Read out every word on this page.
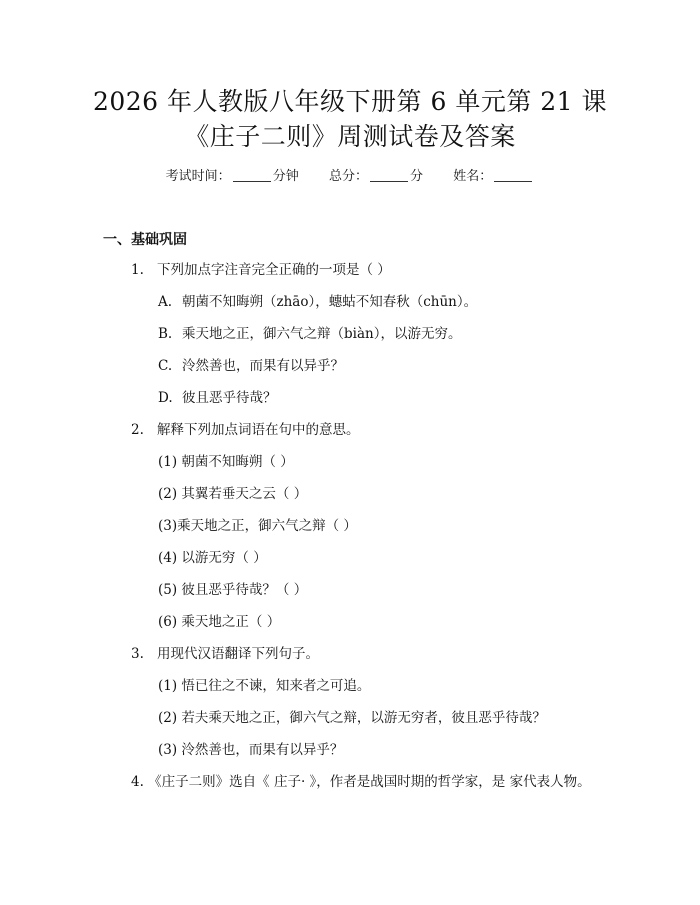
2026 年人教版八年级下册第 6 单元第 21 课
《庄子二则》周测试卷及答案
考试时间：	分钟 总分：	分 姓名：
一、基础巩固
1. 下列加点字注音完全正确的一项是（ ）
A. 朝菌不知晦朔（zhāo），蟪蛄不知春秋（chūn）。
B. 乘天地之正，御六气之辩（biàn），以游无穷。
C. 泠然善也，而果有以异乎？
D. 彼且恶乎待哉？
2. 解释下列加点词语在句中的意思。
(1) 朝菌不知晦朔（ ）
(2) 其翼若垂天之云（ ）
(3)乘天地之正，御六气之辩（ ）
(4) 以游无穷（ ）
(5) 彼且恶乎待哉？（ ）
(6) 乘天地之正（ ）
3. 用现代汉语翻译下列句子。
(1) 悟已往之不谏，知来者之可追。
(2) 若夫乘天地之正，御六气之辩，以游无穷者，彼且恶乎待哉？
(3) 泠然善也，而果有以异乎？
4. 《庄子二则》选自《 庄子· 》，作者是战国时期的哲学家，是 家代表人物。
